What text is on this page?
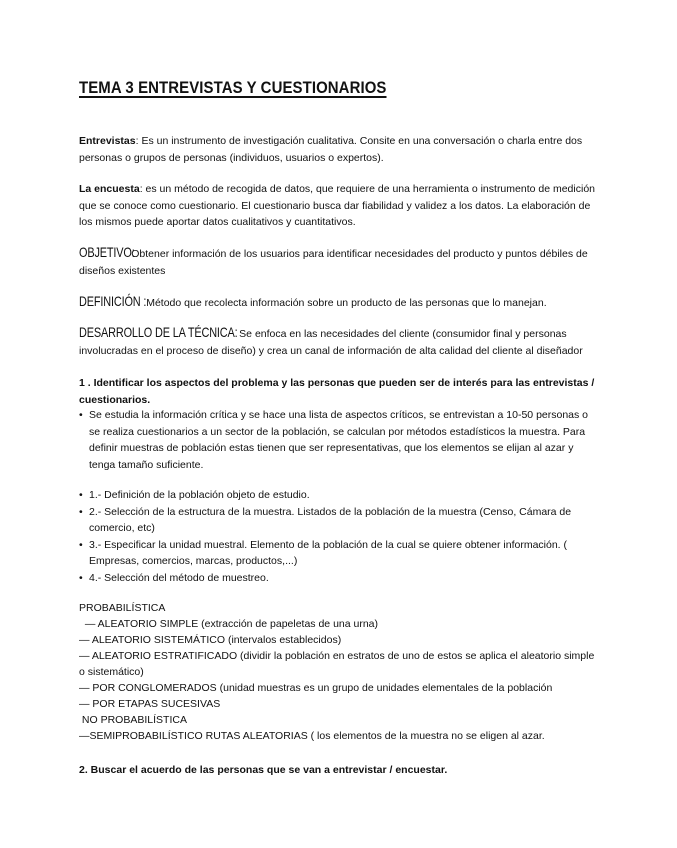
TEMA 3 ENTREVISTAS Y CUESTIONARIOS
Entrevistas: Es un instrumento de investigación cualitativa. Consite en una conversación o charla entre dos personas o grupos de personas (individuos, usuarios o expertos).
La encuesta: es un método de recogida de datos, que requiere de una herramienta o instrumento de medición que se conoce como cuestionario. El cuestionario busca dar fiabilidad y validez a los datos. La elaboración de los mismos puede aportar datos cualitativos y cuantitativos.
OBJETIVO: Obtener información de los usuarios para identificar necesidades del producto y puntos débiles de diseños existentes
DEFINICIÓN : Método que recolecta información sobre un producto de las personas que lo manejan.
DESARROLLO DE LA TÉCNICA: Se enfoca en las necesidades del cliente (consumidor final y personas involucradas en el proceso de diseño) y crea un canal de información de alta calidad del cliente al diseñador
1 . Identificar los aspectos del problema y las personas que pueden ser de interés para las entrevistas / cuestionarios.
• Se estudia la información crítica y se hace una lista de aspectos críticos, se entrevistan a 10-50 personas o se realiza cuestionarios a un sector de la población, se calculan por métodos estadísticos la muestra. Para definir muestras de población estas tienen que ser representativas, que los elementos se elijan al azar y tenga tamaño suficiente.
• 1.- Definición de la población objeto de estudio.
• 2.- Selección de la estructura de la muestra. Listados de la población de la muestra (Censo, Cámara de comercio, etc)
• 3.- Especificar la unidad muestral. Elemento de la población de la cual se quiere obtener información. ( Empresas, comercios, marcas, productos,...)
• 4.- Selección del método de muestreo.
PROBABILÍSTICA
— ALEATORIO SIMPLE (extracción de papeletas de una urna)
— ALEATORIO SISTEMÁTICO (intervalos establecidos)
— ALEATORIO ESTRATIFICADO (dividir la población en estratos de uno de estos se aplica el aleatorio simple o sistemático)
— POR CONGLOMERADOS (unidad muestras es un grupo de unidades elementales de la población
— POR ETAPAS SUCESIVAS
NO PROBABILÍSTICA
—SEMIPROBABILÍSTICO RUTAS ALEATORIAS ( los elementos de la muestra no se eligen al azar.
2. Buscar el acuerdo de las personas que se van a entrevistar / encuestar.
